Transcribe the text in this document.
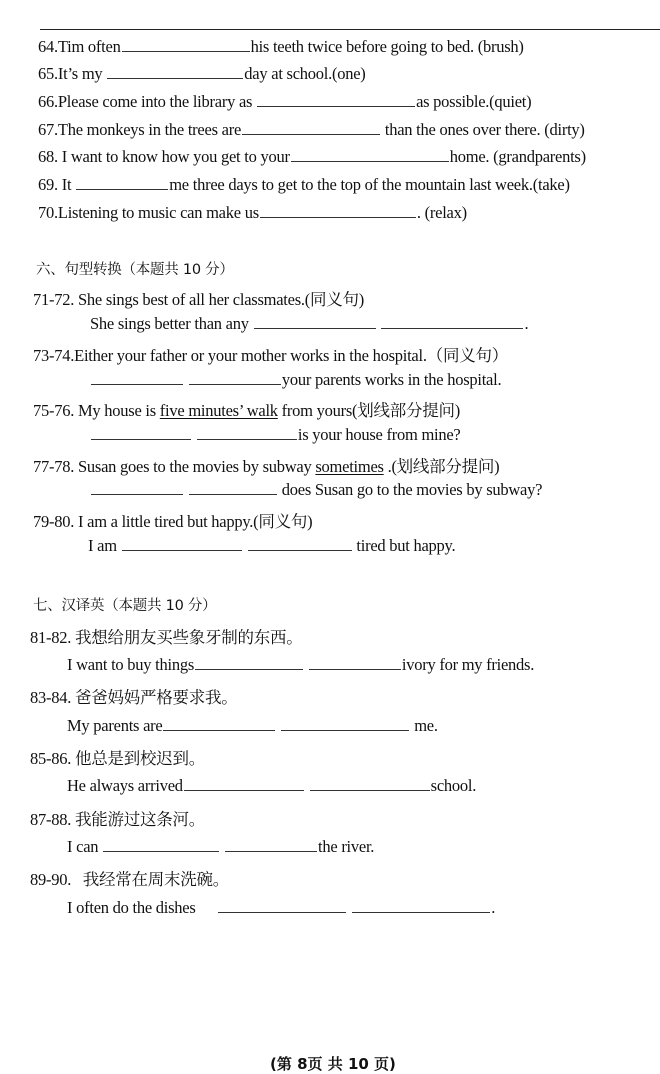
64.Tim often	his teeth twice before going to bed. (brush)
65.It’s my	day at school.(one)
66.Please come into the library as	as possible.(quiet)
67.The monkeys in the trees are	than the ones over there. (dirty)
68. I want to know how you get to your	home. (grandparents)
69. It	me three days to get to the top of the mountain last week.(take)
70.Listening to music can make us	. (relax)
六、句型转换（本题共 10 分）
71-72. She sings best of all her classmates.(同义句)
She sings better than any	.
73-74.Either your father or your mother works in the hospital.（同义句）
your parents works in the hospital.
75-76. My house is five minutes’ walk from yours(划线部分提问)
is your house from mine?
77-78. Susan goes to the movies by subway sometimes .(划线部分提问)
does Susan go to the movies by subway?
79-80. I am a little tired but happy.(同义句)
I am	tired but happy.
七、汉译英（本题共 10 分）
81-82. 我想给朋友买些象牙制的东西。
I want to buy things	ivory for my friends.
83-84. 爸爸妈妈严格要求我。
My parents are	me.
85-86. 他总是到校迟到。
He always arrived	school.
87-88. 我能游过这条河。
I can	the river.
89-90.   我经常在周末洗碗。
I often do the dishes	.
(第 8页 共 10 页)
